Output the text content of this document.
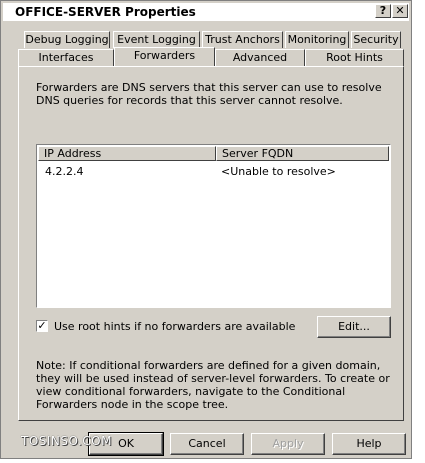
OFFICE-SERVER Properties	? ✕
Debug Logging Event Logging Trust Anchors Monitoring Security
Interfaces	Forwarders	Advanced	Root Hints
Forwarders are DNS servers that this server can use to resolve DNS queries for records that this server cannot resolve.
IP Address	Server FQDN
4.2.2.4	<Unable to resolve>
✓ Use root hints if no forwarders are available	Edit...
Note: If conditional forwarders are defined for a given domain, they will be used instead of server-level forwarders. To create or view conditional forwarders, navigate to the Conditional Forwarders node in the scope tree.
OK	Cancel	Apply	Help
TOSINSO.COM
